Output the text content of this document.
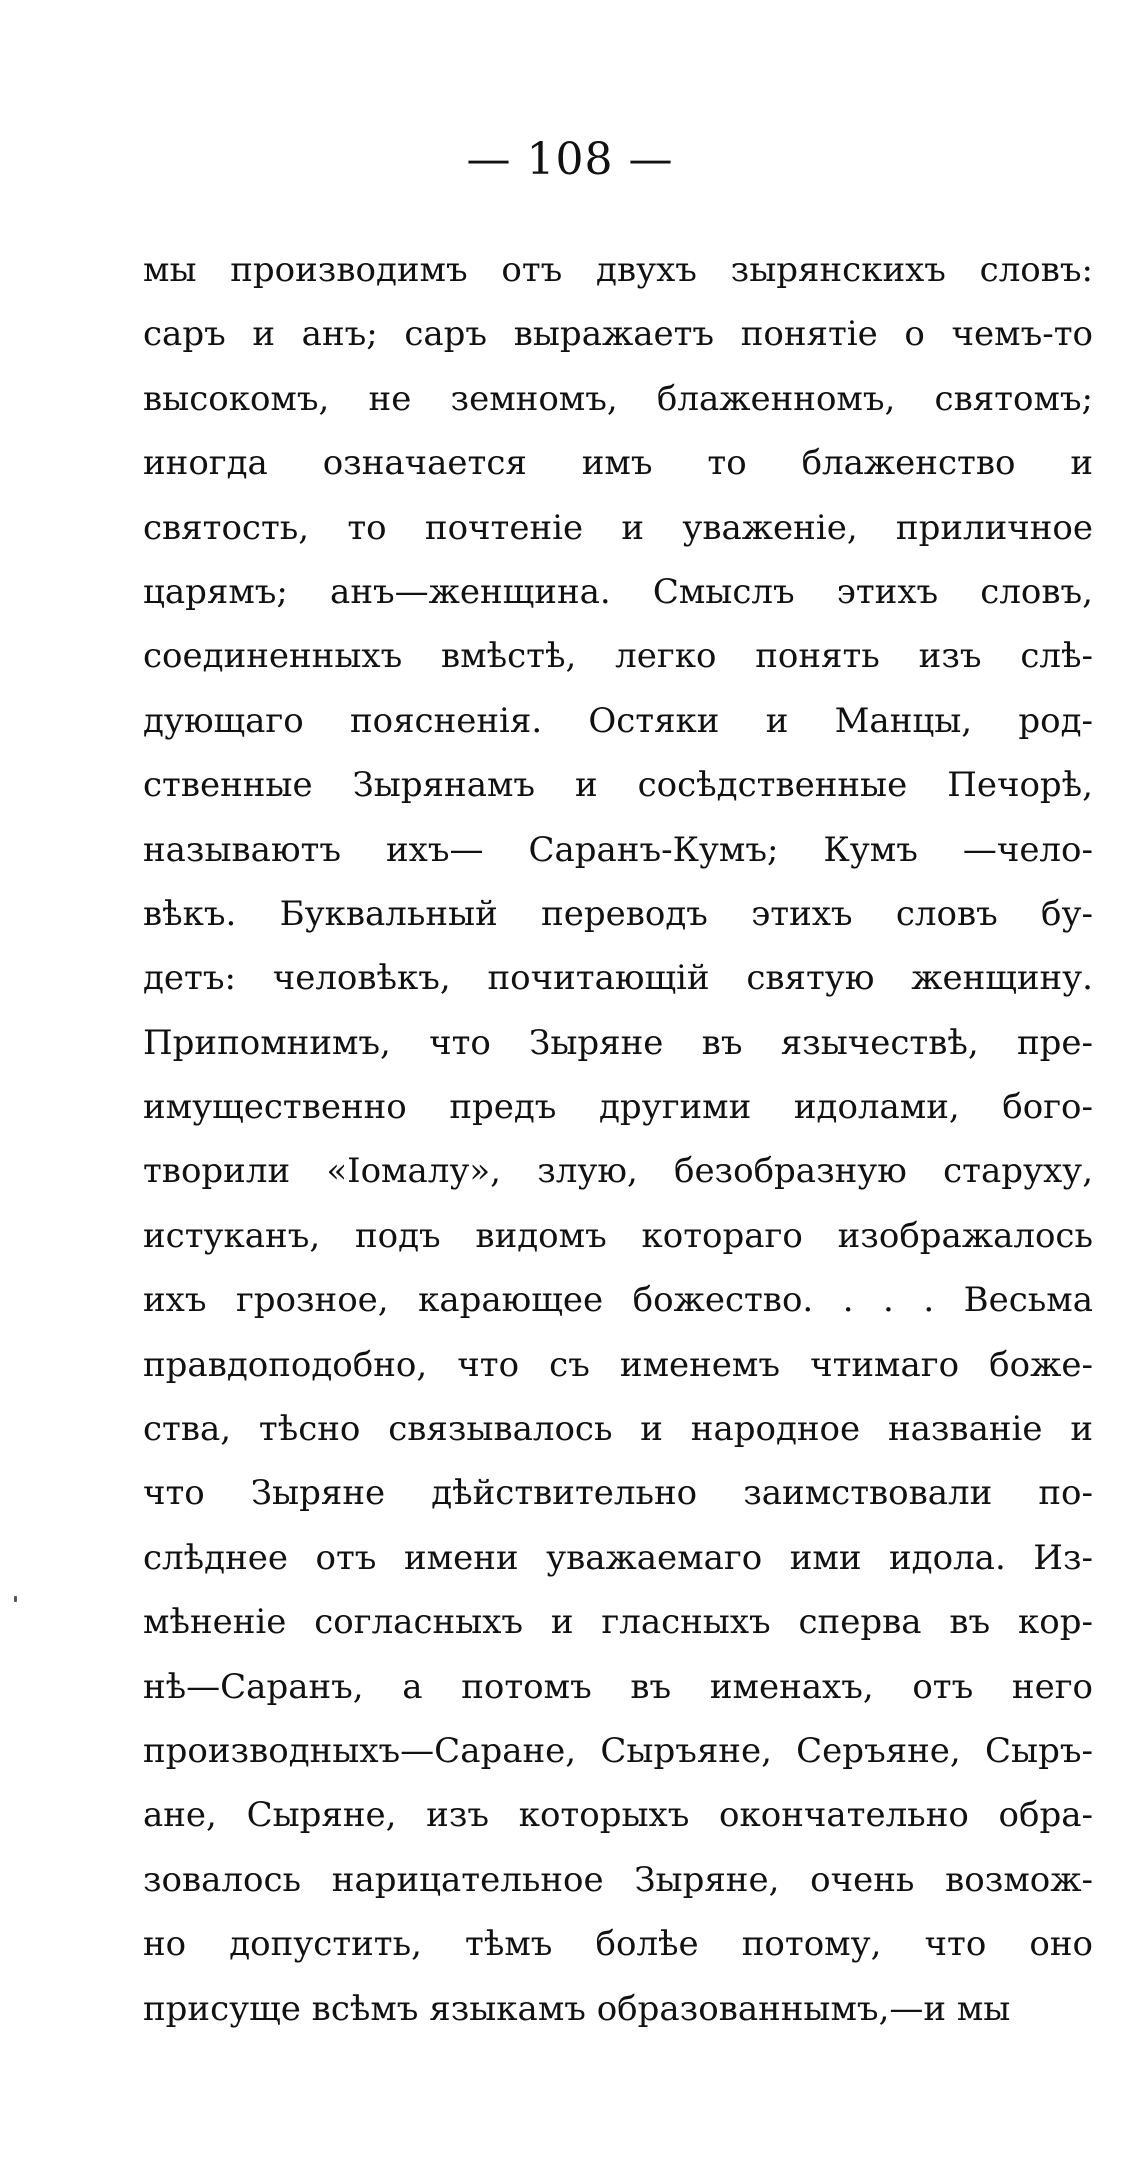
— 108 —
мы производимъ отъ двухъ зырянскихъ словъ:
саръ и анъ; саръ выражаетъ понятіе о чемъ-то
высокомъ, не земномъ, блаженномъ, святомъ;
иногда означается имъ то блаженство и
святость, то почтеніе и уваженіе, приличное
царямъ; анъ—женщина. Смыслъ этихъ словъ,
соединенныхъ вмѣстѣ, легко понять изъ слѣ-
дующаго поясненія. Остяки и Манцы, род-
ственные Зырянамъ и сосѣдственные Печорѣ,
называютъ ихъ— Саранъ-Кумъ; Кумъ —чело-
вѣкъ. Буквальный переводъ этихъ словъ бу-
детъ: человѣкъ, почитающій святую женщину.
Припомнимъ, что Зыряне въ язычествѣ, пре-
имущественно предъ другими идолами, бого-
творили «Іомалу», злую, безобразную старуху,
истуканъ, подъ видомъ котораго изображалось
ихъ грозное, карающее божество. . . . Весьма
правдоподобно, что съ именемъ чтимаго боже-
ства, тѣсно связывалось и народное названіе и
что Зыряне дѣйствительно заимствовали по-
слѣднее отъ имени уважаемаго ими идола. Из-
мѣненіе согласныхъ и гласныхъ сперва въ кор-
нѣ—Саранъ, а потомъ въ именахъ, отъ него
производныхъ—Саране, Сыръяне, Серъяне, Сыръ-
ане, Сыряне, изъ которыхъ окончательно обра-
зовалось нарицательное Зыряне, очень возмож-
но допустить, тѣмъ болѣе потому, что оно
присуще всѣмъ языкамъ образованнымъ,—и мы
